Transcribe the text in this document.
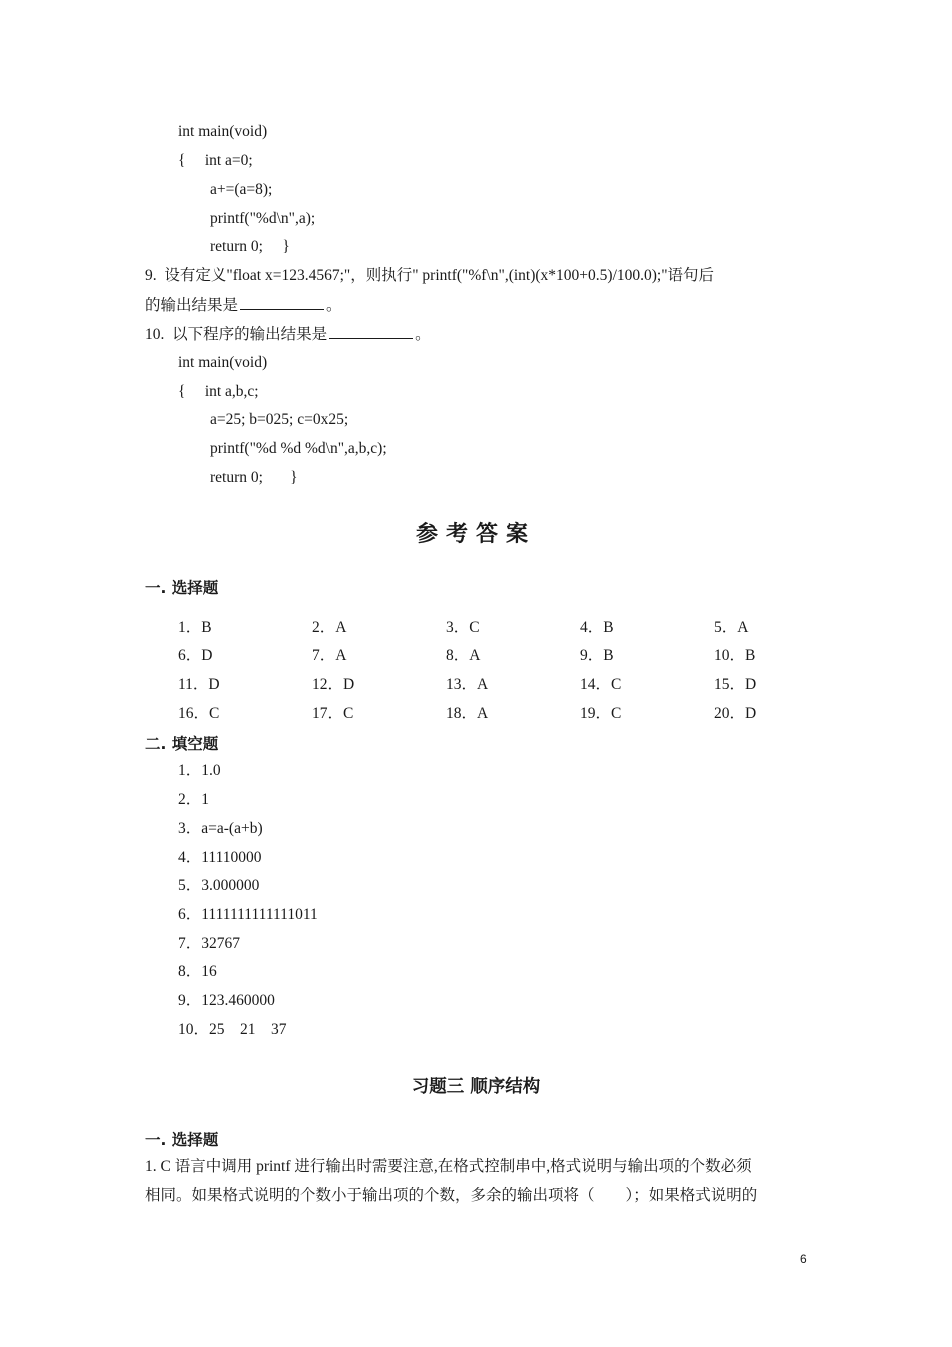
int main(void)
{     int a=0;
a+=(a=8);
printf("%d\n",a);
return 0;     }
9.  设有定义"float x=123.4567;"，则执行" printf("%f\n",(int)(x*100+0.5)/100.0);"语句后
的输出结果是	。
10.  以下程序的输出结果是	。
int main(void)
{     int a,b,c;
a=25; b=025; c=0x25;
printf("%d %d %d\n",a,b,c);
return 0;       }
参考答案
一. 选择题
1．B	2．A	3．C	4．B	5．A
6．D	7．A	8．A	9．B	10．B
11．D	12．D	13．A	14．C	15．D
16．C	17．C	18．A	19．C	20．D
二. 填空题
1．1.0
2．1
3．a=a-(a+b)
4．11110000
5．3.000000
6．1111111111111011
7．32767
8．16
9．123.460000
10．25    21    37
习题三 顺序结构
一. 选择题
1. C 语言中调用 printf 进行输出时需要注意,在格式控制串中,格式说明与输出项的个数必须
相同。如果格式说明的个数小于输出项的个数，多余的输出项将（        ）；如果格式说明的
6
